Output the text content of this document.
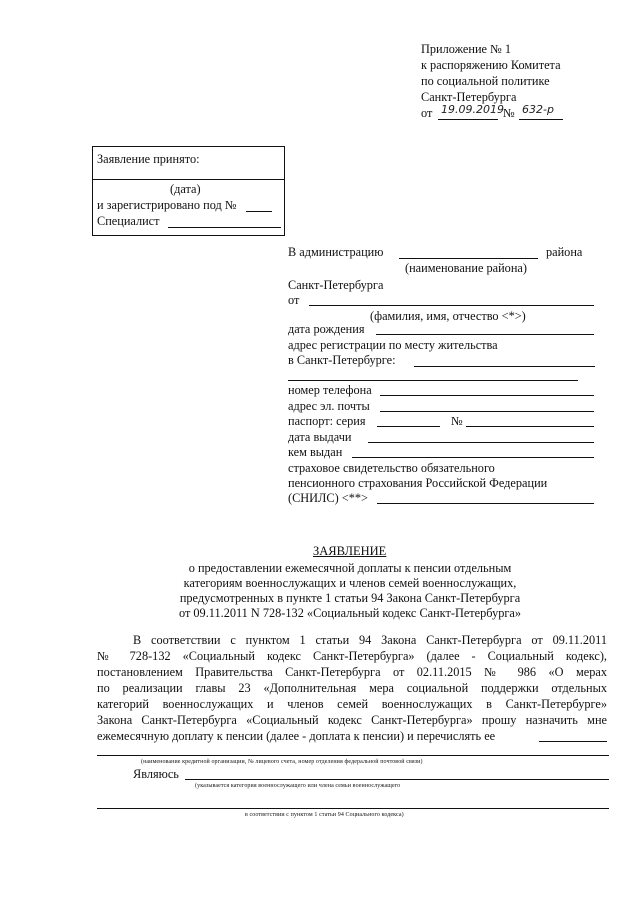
Приложение № 1
к распоряжению Комитета
по социальной политике
Санкт-Петербурга
от 19.09.2019 № 632-р
Заявление принято:
(дата)
и зарегистрировано под №
Специалист
В администрацию	района
(наименование района)
Санкт-Петербурга
от
(фамилия, имя, отчество <*>)
дата рождения
адрес регистрации по месту жительства
в Санкт-Петербурге:
номер телефона
адрес эл. почты
паспорт: серия	№
дата выдачи
кем выдан
страховое свидетельство обязательного
пенсионного страхования Российской Федерации
(СНИЛС) <**>
ЗАЯВЛЕНИЕ
о предоставлении ежемесячной доплаты к пенсии отдельным
категориям военнослужащих и членов семей военнослужащих,
предусмотренных в пункте 1 статьи 94 Закона Санкт-Петербурга
от 09.11.2011 N 728-132 «Социальный кодекс Санкт-Петербурга»
В соответствии с пунктом 1 статьи 94 Закона Санкт-Петербурга от 09.11.2011
№ 728-132 «Социальный кодекс Санкт-Петербурга» (далее - Социальный кодекс),
постановлением Правительства Санкт-Петербурга от 02.11.2015 № 986 «О мерах
по реализации главы 23 «Дополнительная мера социальной поддержки отдельных
категорий военнослужащих и членов семей военнослужащих в Санкт-Петербурге»
Закона Санкт-Петербурга «Социальный кодекс Санкт-Петербурга» прошу назначить мне
ежемесячную доплату к пенсии (далее - доплата к пенсии) и перечислять ее
(наименование кредитной организации, № лицевого счета, номер отделения федеральной почтовой связи)
Являюсь
(указывается категория военнослужащего или члена семьи военнослужащего
в соответствии с пунктом 1 статьи 94 Социального кодекса)
